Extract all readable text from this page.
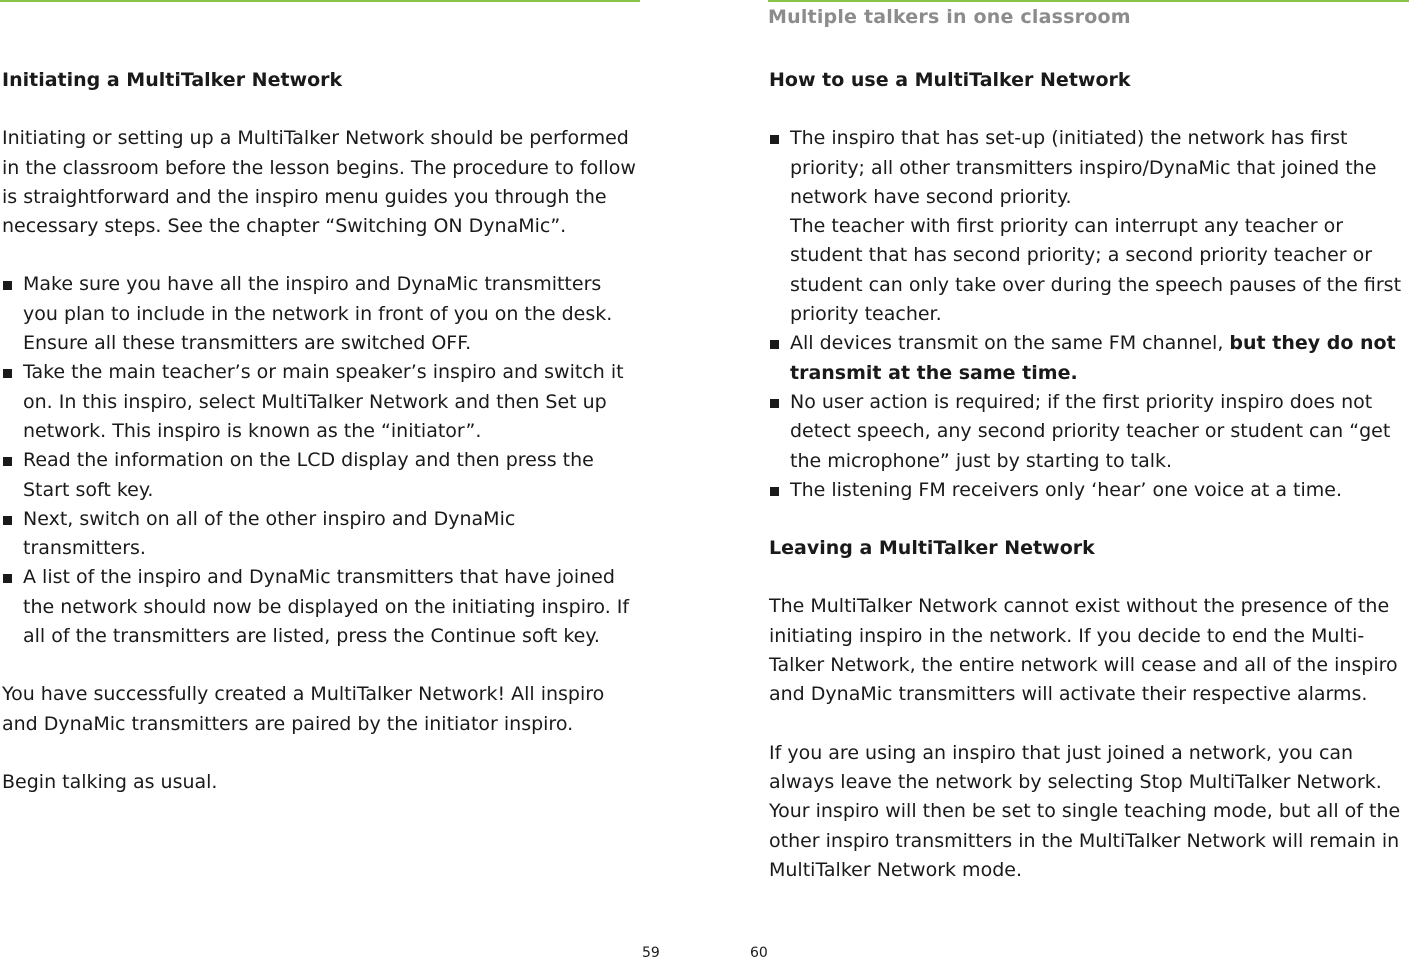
Multiple talkers in one classroom
Initiating a MultiTalker Network

Initiating or setting up a MultiTalker Network should be performed in the classroom before the lesson begins. The procedure to follow is straightforward and the inspiro menu guides you through the necessary steps. See the chapter “Switching ON DynaMic”.

Make sure you have all the inspiro and DynaMic transmitters you plan to include in the network in front of you on the desk. Ensure all these transmitters are switched OFF.
Take the main teacher’s or main speaker’s inspiro and switch it on. In this inspiro, select MultiTalker Network and then Set up network. This inspiro is known as the “initiator”.
Read the information on the LCD display and then press the Start soft key.
Next, switch on all of the other inspiro and DynaMic transmitters.
A list of the inspiro and DynaMic transmitters that have joined the network should now be displayed on the initiating inspiro. If all of the transmitters are listed, press the Continue soft key.

You have successfully created a MultiTalker Network! All inspiro and DynaMic transmitters are paired by the initiator inspiro.

Begin talking as usual.

How to use a MultiTalker Network
The inspiro that has set-up (initiated) the network has first priority; all other transmitters inspiro/DynaMic that joined the network have second priority.
The teacher with first priority can interrupt any teacher or student that has second priority; a second priority teacher or student can only take over during the speech pauses of the first priority teacher.
All devices transmit on the same FM channel, but they do not transmit at the same time.
No user action is required; if the first priority inspiro does not detect speech, any second priority teacher or student can “get the microphone” just by starting to talk.
The listening FM receivers only ‘hear’ one voice at a time.
Leaving a MultiTalker Network

The MultiTalker Network cannot exist without the presence of the initiating inspiro in the network. If you decide to end the Multi-Talker Network, the entire network will cease and all of the inspiro and DynaMic transmitters will activate their respective alarms.

If you are using an inspiro that just joined a network, you can always leave the network by selecting Stop MultiTalker Network. Your inspiro will then be set to single teaching mode, but all of the other inspiro transmitters in the MultiTalker Network will remain in MultiTalker Network mode.

59	60
